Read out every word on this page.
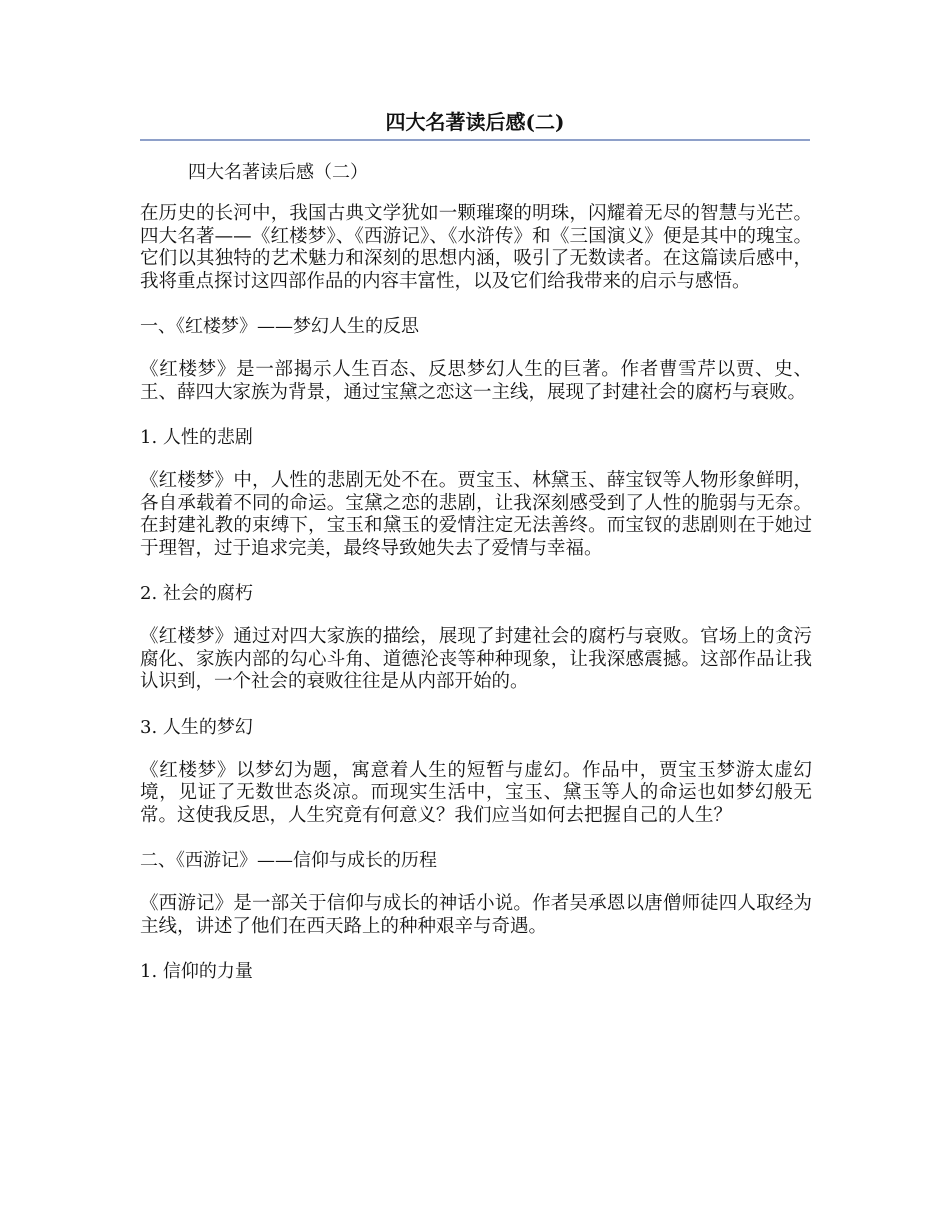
四大名著读后感(二)

四大名著读后感（二）

在历史的长河中，我国古典文学犹如一颗璀璨的明珠，闪耀着无尽的智慧与光芒。四大名著——《红楼梦》、《西游记》、《水浒传》和《三国演义》便是其中的瑰宝。它们以其独特的艺术魅力和深刻的思想内涵，吸引了无数读者。在这篇读后感中，我将重点探讨这四部作品的内容丰富性，以及它们给我带来的启示与感悟。

一、《红楼梦》——梦幻人生的反思

《红楼梦》是一部揭示人生百态、反思梦幻人生的巨著。作者曹雪芹以贾、史、王、薛四大家族为背景，通过宝黛之恋这一主线，展现了封建社会的腐朽与衰败。

1. 人性的悲剧

《红楼梦》中，人性的悲剧无处不在。贾宝玉、林黛玉、薛宝钗等人物形象鲜明，各自承载着不同的命运。宝黛之恋的悲剧，让我深刻感受到了人性的脆弱与无奈。在封建礼教的束缚下，宝玉和黛玉的爱情注定无法善终。而宝钗的悲剧则在于她过于理智，过于追求完美，最终导致她失去了爱情与幸福。

2. 社会的腐朽

《红楼梦》通过对四大家族的描绘，展现了封建社会的腐朽与衰败。官场上的贪污腐化、家族内部的勾心斗角、道德沦丧等种种现象，让我深感震撼。这部作品让我认识到，一个社会的衰败往往是从内部开始的。

3. 人生的梦幻

《红楼梦》以梦幻为题，寓意着人生的短暂与虚幻。作品中，贾宝玉梦游太虚幻境，见证了无数世态炎凉。而现实生活中，宝玉、黛玉等人的命运也如梦幻般无常。这使我反思，人生究竟有何意义？我们应当如何去把握自己的人生？

二、《西游记》——信仰与成长的历程

《西游记》是一部关于信仰与成长的神话小说。作者吴承恩以唐僧师徒四人取经为主线，讲述了他们在西天路上的种种艰辛与奇遇。

1. 信仰的力量
